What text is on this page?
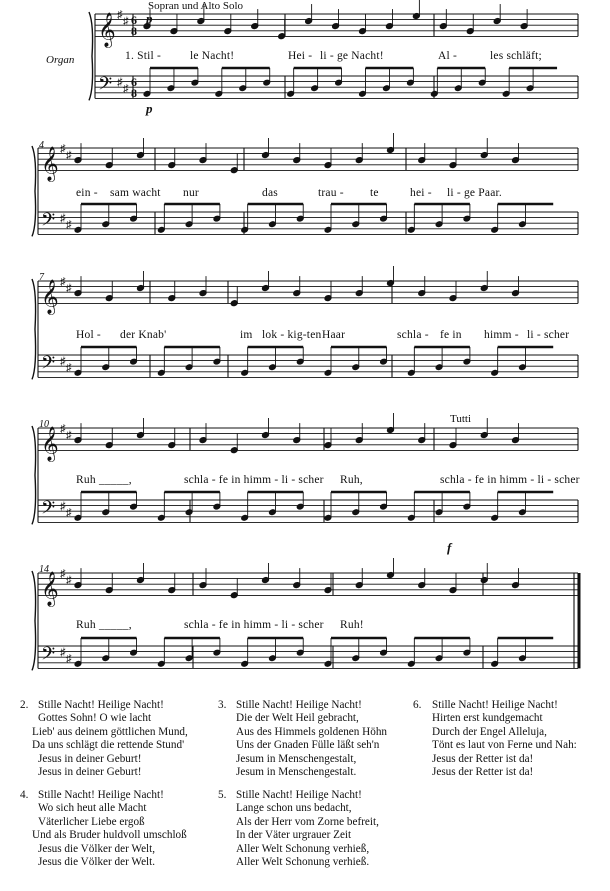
𝄞
𝄢
♯
♯
♯
♯
6
8
6
8
𝄞
𝄢
♯
♯
♯
♯
𝄞
𝄢
♯
♯
♯
♯
𝄞
𝄢
♯
♯
♯
♯
𝄞
𝄢
♯
♯
♯
♯
Sopran und Alto Solo
p
Organ
p
4
7
10
14
Tutti
f
1. Stil -	le Nacht!	Hei - li - ge Nacht!	Al -	les schläft;
ein - sam wacht nur	das	trau - te	hei - li - ge Paar.
Hol - der Knab'	im lok - kig-ten Haar	schla - fe in himm - li - scher
Ruh _____,	schla - fe in himm - li - scher Ruh,	schla - fe in himm - li - scher
Ruh _____,	schla - fe in himm - li - scher Ruh!
2. Stille Nacht! Heilige Nacht!
Gottes Sohn! O wie lacht
Lieb' aus deinem göttlichen Mund,
Da uns schlägt die rettende Stund'
Jesus in deiner Geburt!
Jesus in deiner Geburt!
3. Stille Nacht! Heilige Nacht!
Die der Welt Heil gebracht,
Aus des Himmels goldenen Höhn
Uns der Gnaden Fülle läßt seh'n
Jesum in Menschengestalt,
Jesum in Menschengestalt.
6. Stille Nacht! Heilige Nacht!
Hirten erst kundgemacht
Durch der Engel Alleluja,
Tönt es laut von Ferne und Nah:
Jesus der Retter ist da!
Jesus der Retter ist da!
4. Stille Nacht! Heilige Nacht!
Wo sich heut alle Macht
Väterlicher Liebe ergoß
Und als Bruder huldvoll umschloß
Jesus die Völker der Welt,
Jesus die Völker der Welt.
5. Stille Nacht! Heilige Nacht!
Lange schon uns bedacht,
Als der Herr vom Zorne befreit,
In der Väter urgrauer Zeit
Aller Welt Schonung verhieß,
Aller Welt Schonung verhieß.
